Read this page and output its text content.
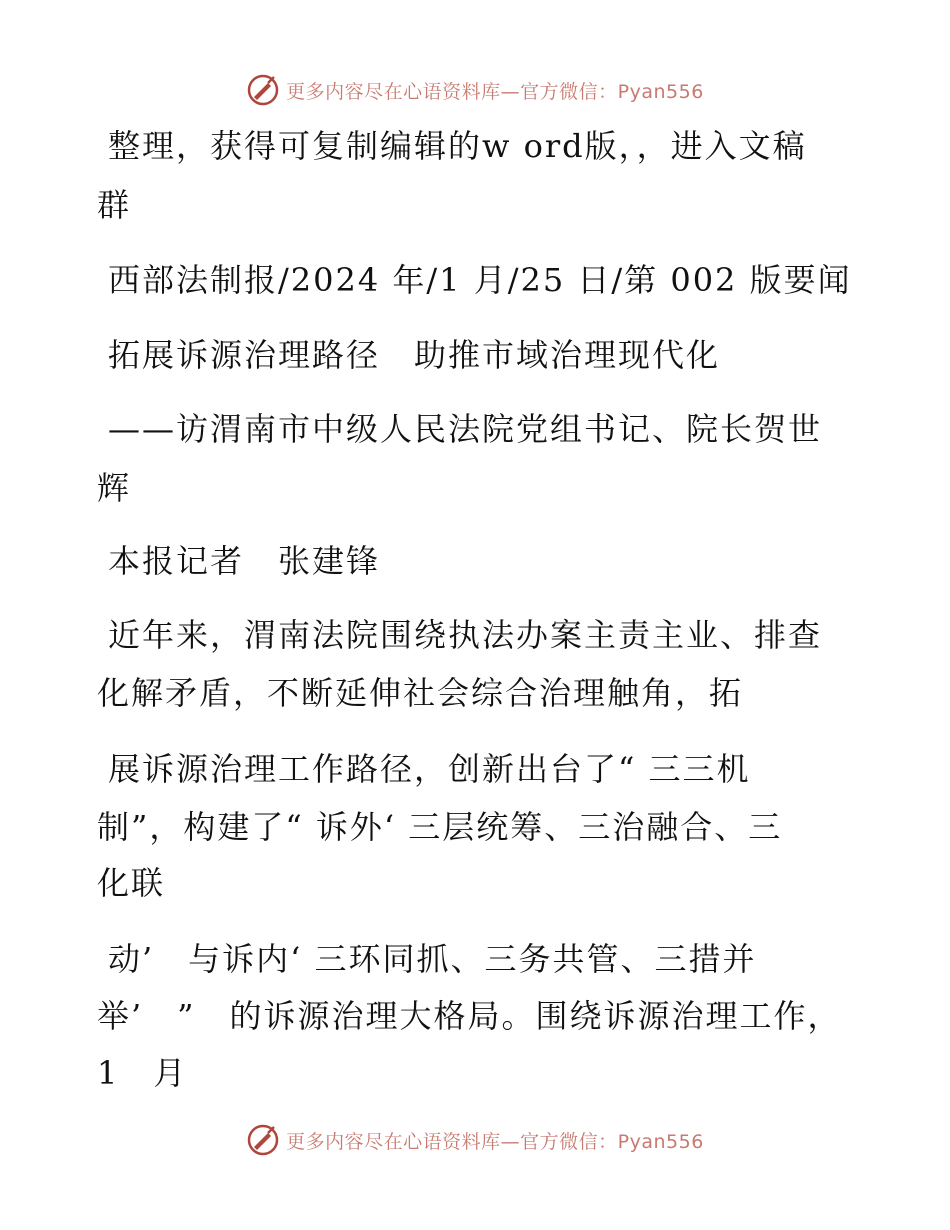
更多内容尽在心语资料库—官方微信：Pyan556
整理，获得可复制编辑的w ord版，，进入文稿
群
西部法制报/2024 年/1 月/25 日/第 002 版要闻
拓展诉源治理路径　助推市域治理现代化
——访渭南市中级人民法院党组书记、院长贺世
辉
本报记者　张建锋
近年来，渭南法院围绕执法办案主责主业、排查
化解矛盾，不断延伸社会综合治理触角，拓
展诉源治理工作路径，创新出台了“ 三三机
制”，构建了“ 诉外‘ 三层统筹、三治融合、三
化联
动’　与诉内‘ 三环同抓、三务共管、三措并
举’　”　的诉源治理大格局。围绕诉源治理工作，
1　月
更多内容尽在心语资料库—官方微信：Pyan556
